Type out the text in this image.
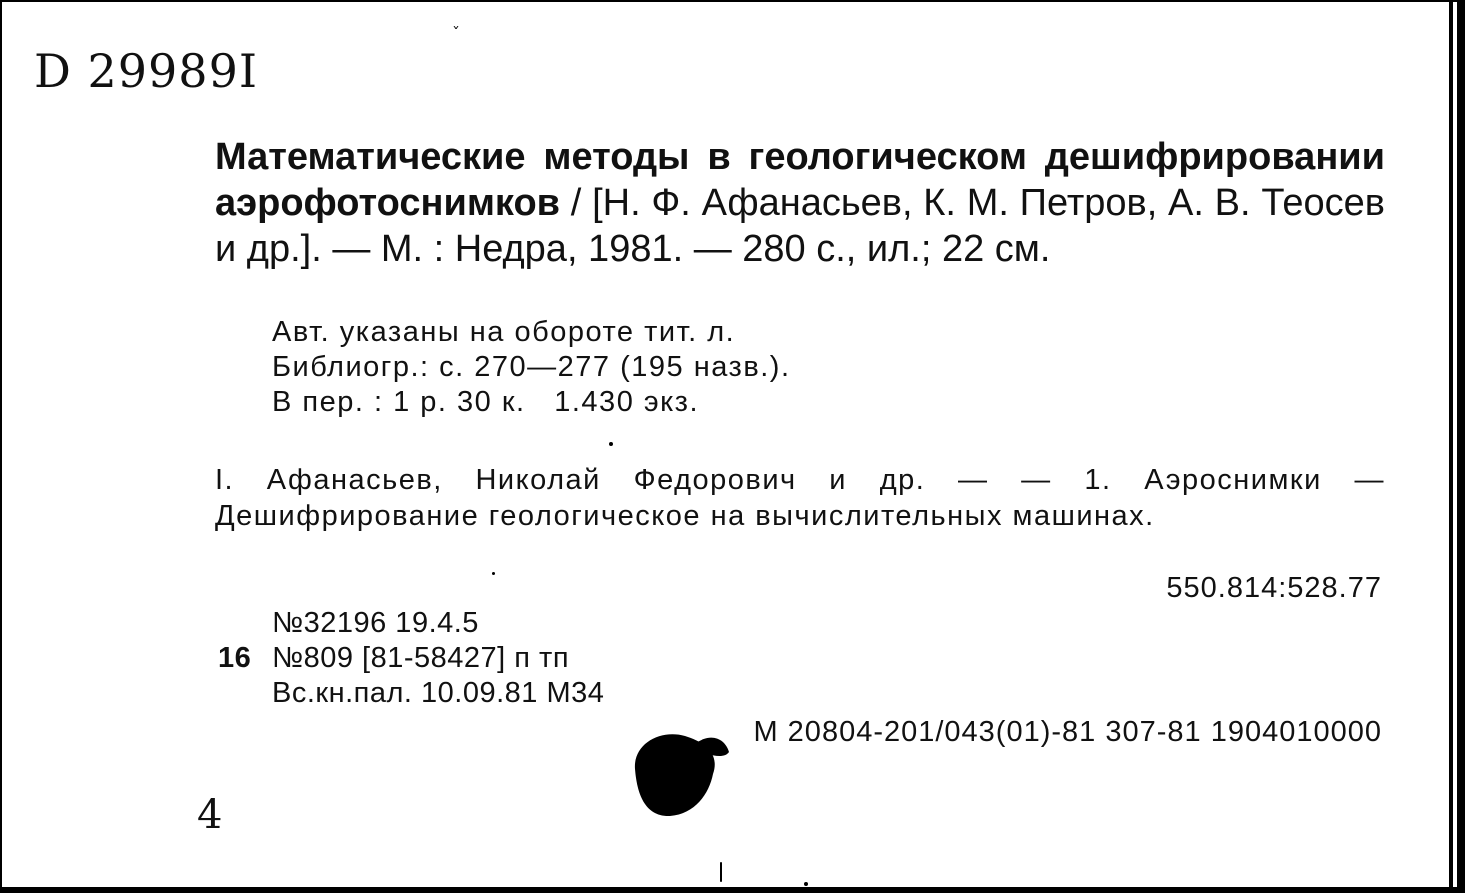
ˇ
D 29989I
Математические методы в геологическом дешифрировании аэрофотоснимков / [Н. Ф. Афанасьев, К. М. Петров, А. В. Теосев и др.]. — М. : Недра, 1981. — 280 с., ил.; 22 см.
Авт. указаны на обороте тит. л.
Библиогр.: с. 270—277 (195 назв.).
В пер. : 1 р. 30 к.   1.430 экз.
I. Афанасьев, Николай Федорович и др. — — 1. Аэроснимки — Дешифрирование геологическое на вычислительных машинах.
550.814:528.77
№32196 19.4.5
16 №809 [81-58427] п тп
Вс.кн.пал. 10.09.81 М34
М 20804-201/043(01)-81 307-81 1904010000
4
